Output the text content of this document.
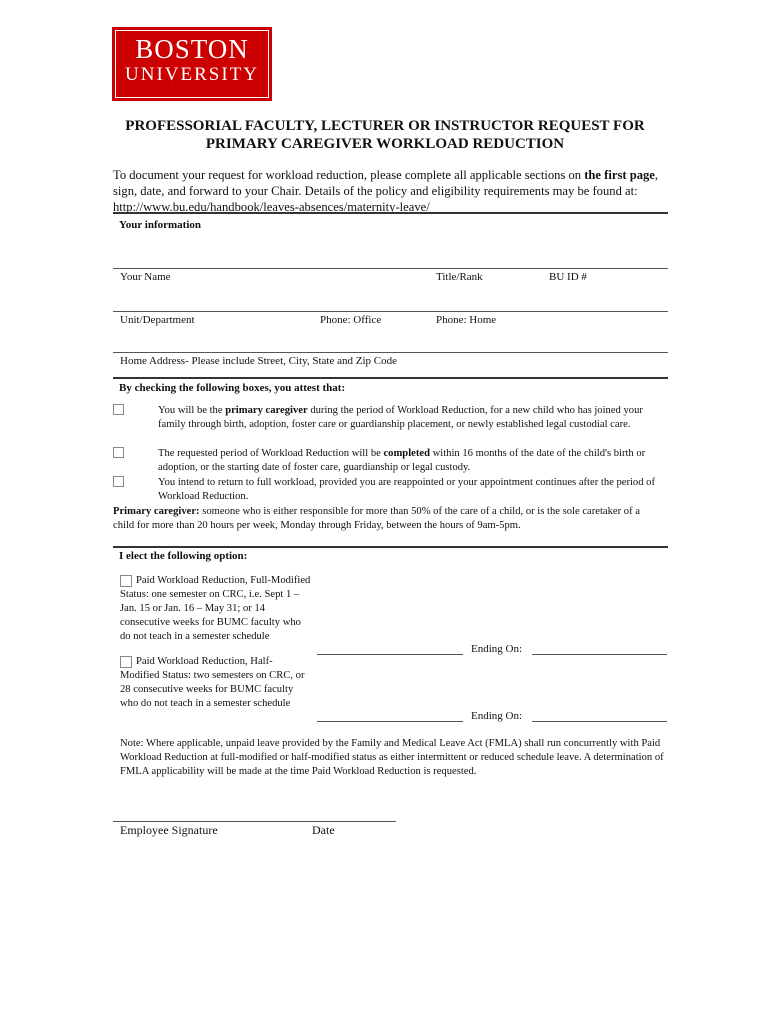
BOSTON
UNIVERSITY
PROFESSORIAL FACULTY, LECTURER OR INSTRUCTOR REQUEST FOR
PRIMARY CAREGIVER WORKLOAD REDUCTION
To document your request for workload reduction, please complete all applicable sections on the first page, sign, date, and forward to your Chair. Details of the policy and eligibility requirements may be found at: http://www.bu.edu/handbook/leaves-absences/maternity-leave/
Your information
Your Name	Title/Rank	BU ID #
Unit/Department	Phone: Office	Phone: Home
Home Address- Please include Street, City, State and Zip Code
By checking the following boxes, you attest that:
You will be the primary caregiver during the period of Workload Reduction, for a new child who has joined your family through birth, adoption, foster care or guardianship placement, or newly established legal custodial care.
The requested period of Workload Reduction will be completed within 16 months of the date of the child's birth or adoption, or the starting date of foster care, guardianship or legal custody.
You intend to return to full workload, provided you are reappointed or your appointment continues after the period of Workload Reduction.
Primary caregiver: someone who is either responsible for more than 50% of the care of a child, or is the sole caretaker of a child for more than 20 hours per week, Monday through Friday, between the hours of 9am-5pm.
I elect the following option:
Paid Workload Reduction, Full-Modified Status: one semester on CRC, i.e. Sept 1 – Jan. 15 or Jan. 16 – May 31; or 14 consecutive weeks for BUMC faculty who do not teach in a semester schedule
Ending On:
Paid Workload Reduction, Half-Modified Status: two semesters on CRC, or 28 consecutive weeks for BUMC faculty who do not teach in a semester schedule
Ending On:
Note: Where applicable, unpaid leave provided by the Family and Medical Leave Act (FMLA) shall run concurrently with Paid Workload Reduction at full-modified or half-modified status as either intermittent or reduced schedule leave. A determination of FMLA applicability will be made at the time Paid Workload Reduction is requested.
Employee Signature	Date
